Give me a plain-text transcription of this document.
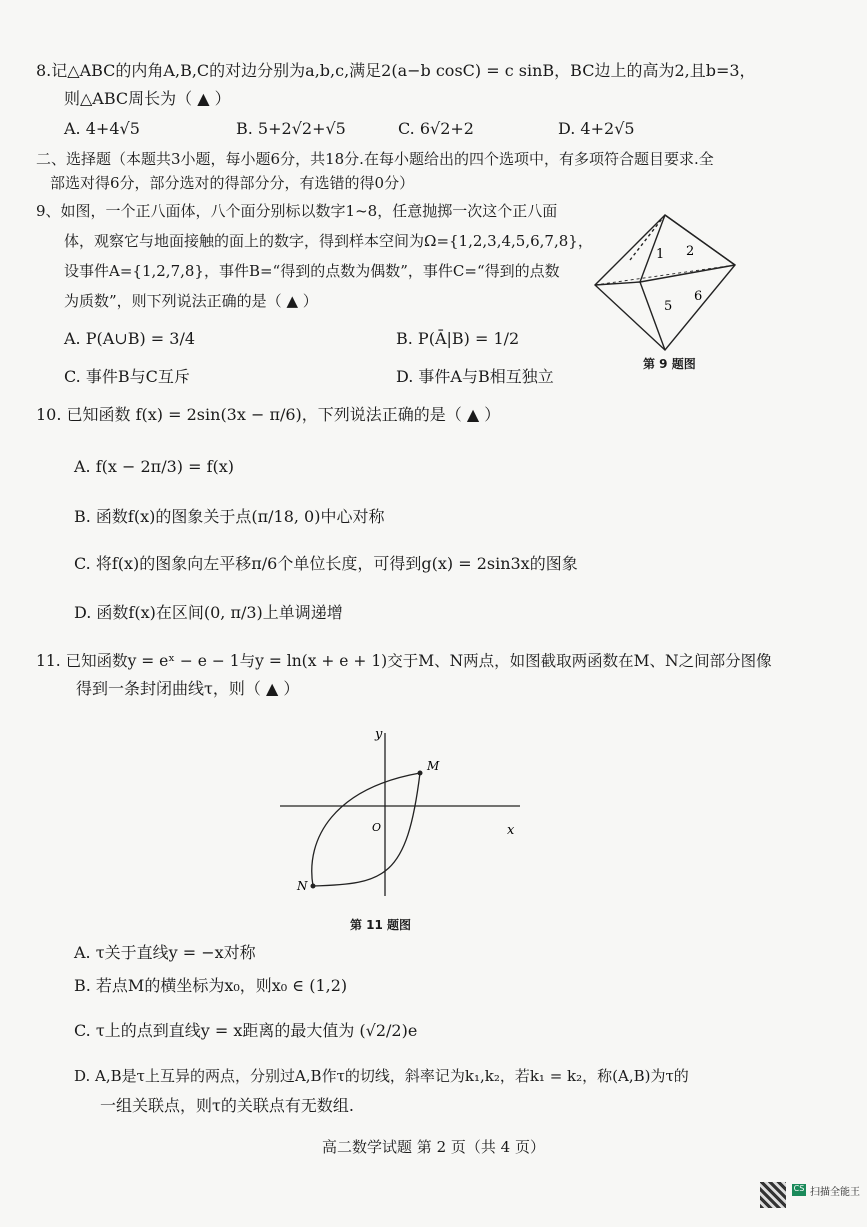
8.记△ABC的内角A,B,C的对边分别为a,b,c,满足2(a−b cosC) = c sinB，BC边上的高为2,且b=3，
则△ABC周长为（ ▲ ）
A. 4+4√5	B. 5+2√2+√5	C. 6√2+2	D. 4+2√5
二、选择题（本题共3小题，每小题6分，共18分.在每小题给出的四个选项中，有多项符合题目要求.全
部选对得6分，部分选对的得部分分，有选错的得0分）
9、如图，一个正八面体，八个面分别标以数字1~8，任意抛掷一次这个正八面
体，观察它与地面接触的面上的数字，得到样本空间为Ω={1,2,3,4,5,6,7,8}，
设事件A={1,2,7,8}，事件B=“得到的点数为偶数”，事件C=“得到的点数
为质数”，则下列说法正确的是（ ▲ ）
A. P(A∪B) = 3/4	B. P(Ā|B) = 1/2
C. 事件B与C互斥	D. 事件A与B相互独立
1 2
5
6
第 9 题图
10. 已知函数 f(x) = 2sin(3x − π/6)，下列说法正确的是（ ▲ ）
A. f(x − 2π/3) = f(x)
B. 函数f(x)的图象关于点(π/18, 0)中心对称
C. 将f(x)的图象向左平移π/6个单位长度，可得到g(x) = 2sin3x的图象
D. 函数f(x)在区间(0, π/3)上单调递增
11. 已知函数y = eˣ − e − 1与y = ln(x + e + 1)交于M、N两点，如图截取两函数在M、N之间部分图像
得到一条封闭曲线τ，则（ ▲ ）
y
x
O
M
N
第 11 题图
A. τ关于直线y = −x对称
B. 若点M的横坐标为x₀，则x₀ ∈ (1,2)
C. τ上的点到直线y = x距离的最大值为 (√2/2)e
D. A,B是τ上互异的两点，分别过A,B作τ的切线，斜率记为k₁,k₂，若k₁ = k₂，称(A,B)为τ的
一组关联点，则τ的关联点有无数组.
高二数学试题 第 2 页（共 4 页）
CS 扫描全能王
